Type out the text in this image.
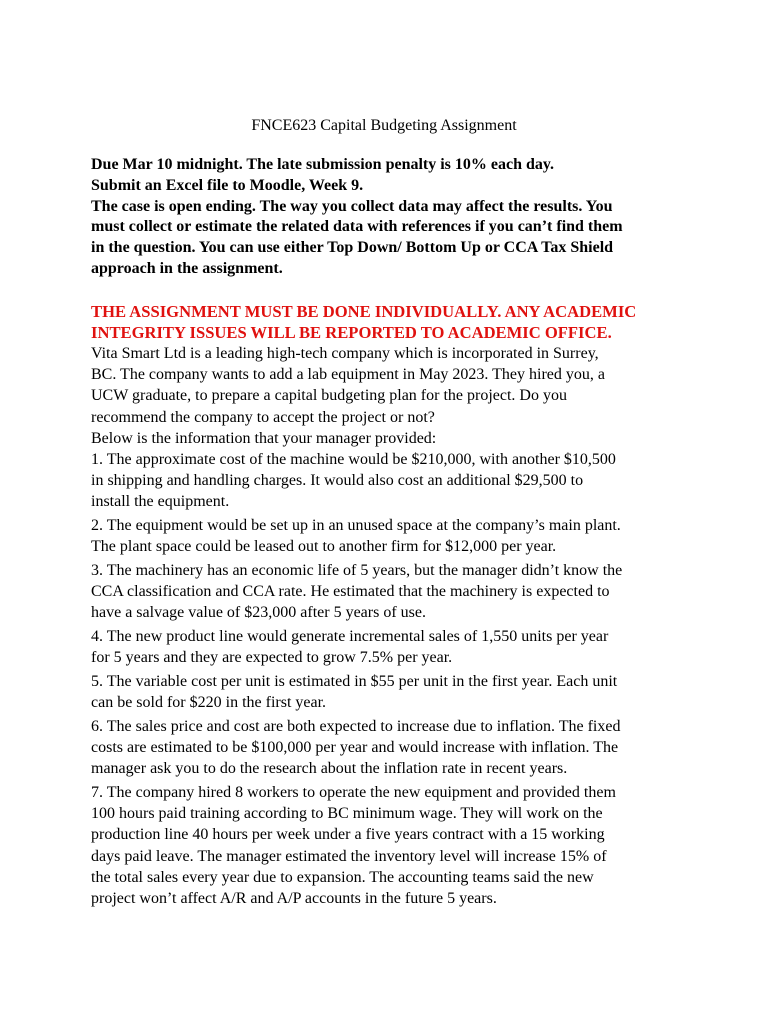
FNCE623 Capital Budgeting Assignment

Due Mar 10 midnight. The late submission penalty is 10% each day.

Submit an Excel file to Moodle, Week 9.

The case is open ending. The way you collect data may affect the results. You

must collect or estimate the related data with references if you can’t find them

in the question. You can use either Top Down/ Bottom Up or CCA Tax Shield

approach in the assignment.

THE ASSIGNMENT MUST BE DONE INDIVIDUALLY. ANY ACADEMIC

INTEGRITY ISSUES WILL BE REPORTED TO ACADEMIC OFFICE.

Vita Smart Ltd is a leading high-tech company which is incorporated in Surrey,

BC. The company wants to add a lab equipment in May 2023. They hired you, a

UCW graduate, to prepare a capital budgeting plan for the project. Do you

recommend the company to accept the project or not?

Below is the information that your manager provided:

1. The approximate cost of the machine would be $210,000, with another $10,500

in shipping and handling charges. It would also cost an additional $29,500 to

install the equipment.

2. The equipment would be set up in an unused space at the company’s main plant.

The plant space could be leased out to another firm for $12,000 per year.

3. The machinery has an economic life of 5 years, but the manager didn’t know the

CCA classification and CCA rate. He estimated that the machinery is expected to

have a salvage value of $23,000 after 5 years of use.

4. The new product line would generate incremental sales of 1,550 units per year

for 5 years and they are expected to grow 7.5% per year.

5. The variable cost per unit is estimated in $55 per unit in the first year. Each unit

can be sold for $220 in the first year.

6. The sales price and cost are both expected to increase due to inflation. The fixed

costs are estimated to be $100,000 per year and would increase with inflation. The

manager ask you to do the research about the inflation rate in recent years.

7. The company hired 8 workers to operate the new equipment and provided them

100 hours paid training according to BC minimum wage. They will work on the

production line 40 hours per week under a five years contract with a 15 working

days paid leave. The manager estimated the inventory level will increase 15% of

the total sales every year due to expansion. The accounting teams said the new

project won’t affect A/R and A/P accounts in the future 5 years.
